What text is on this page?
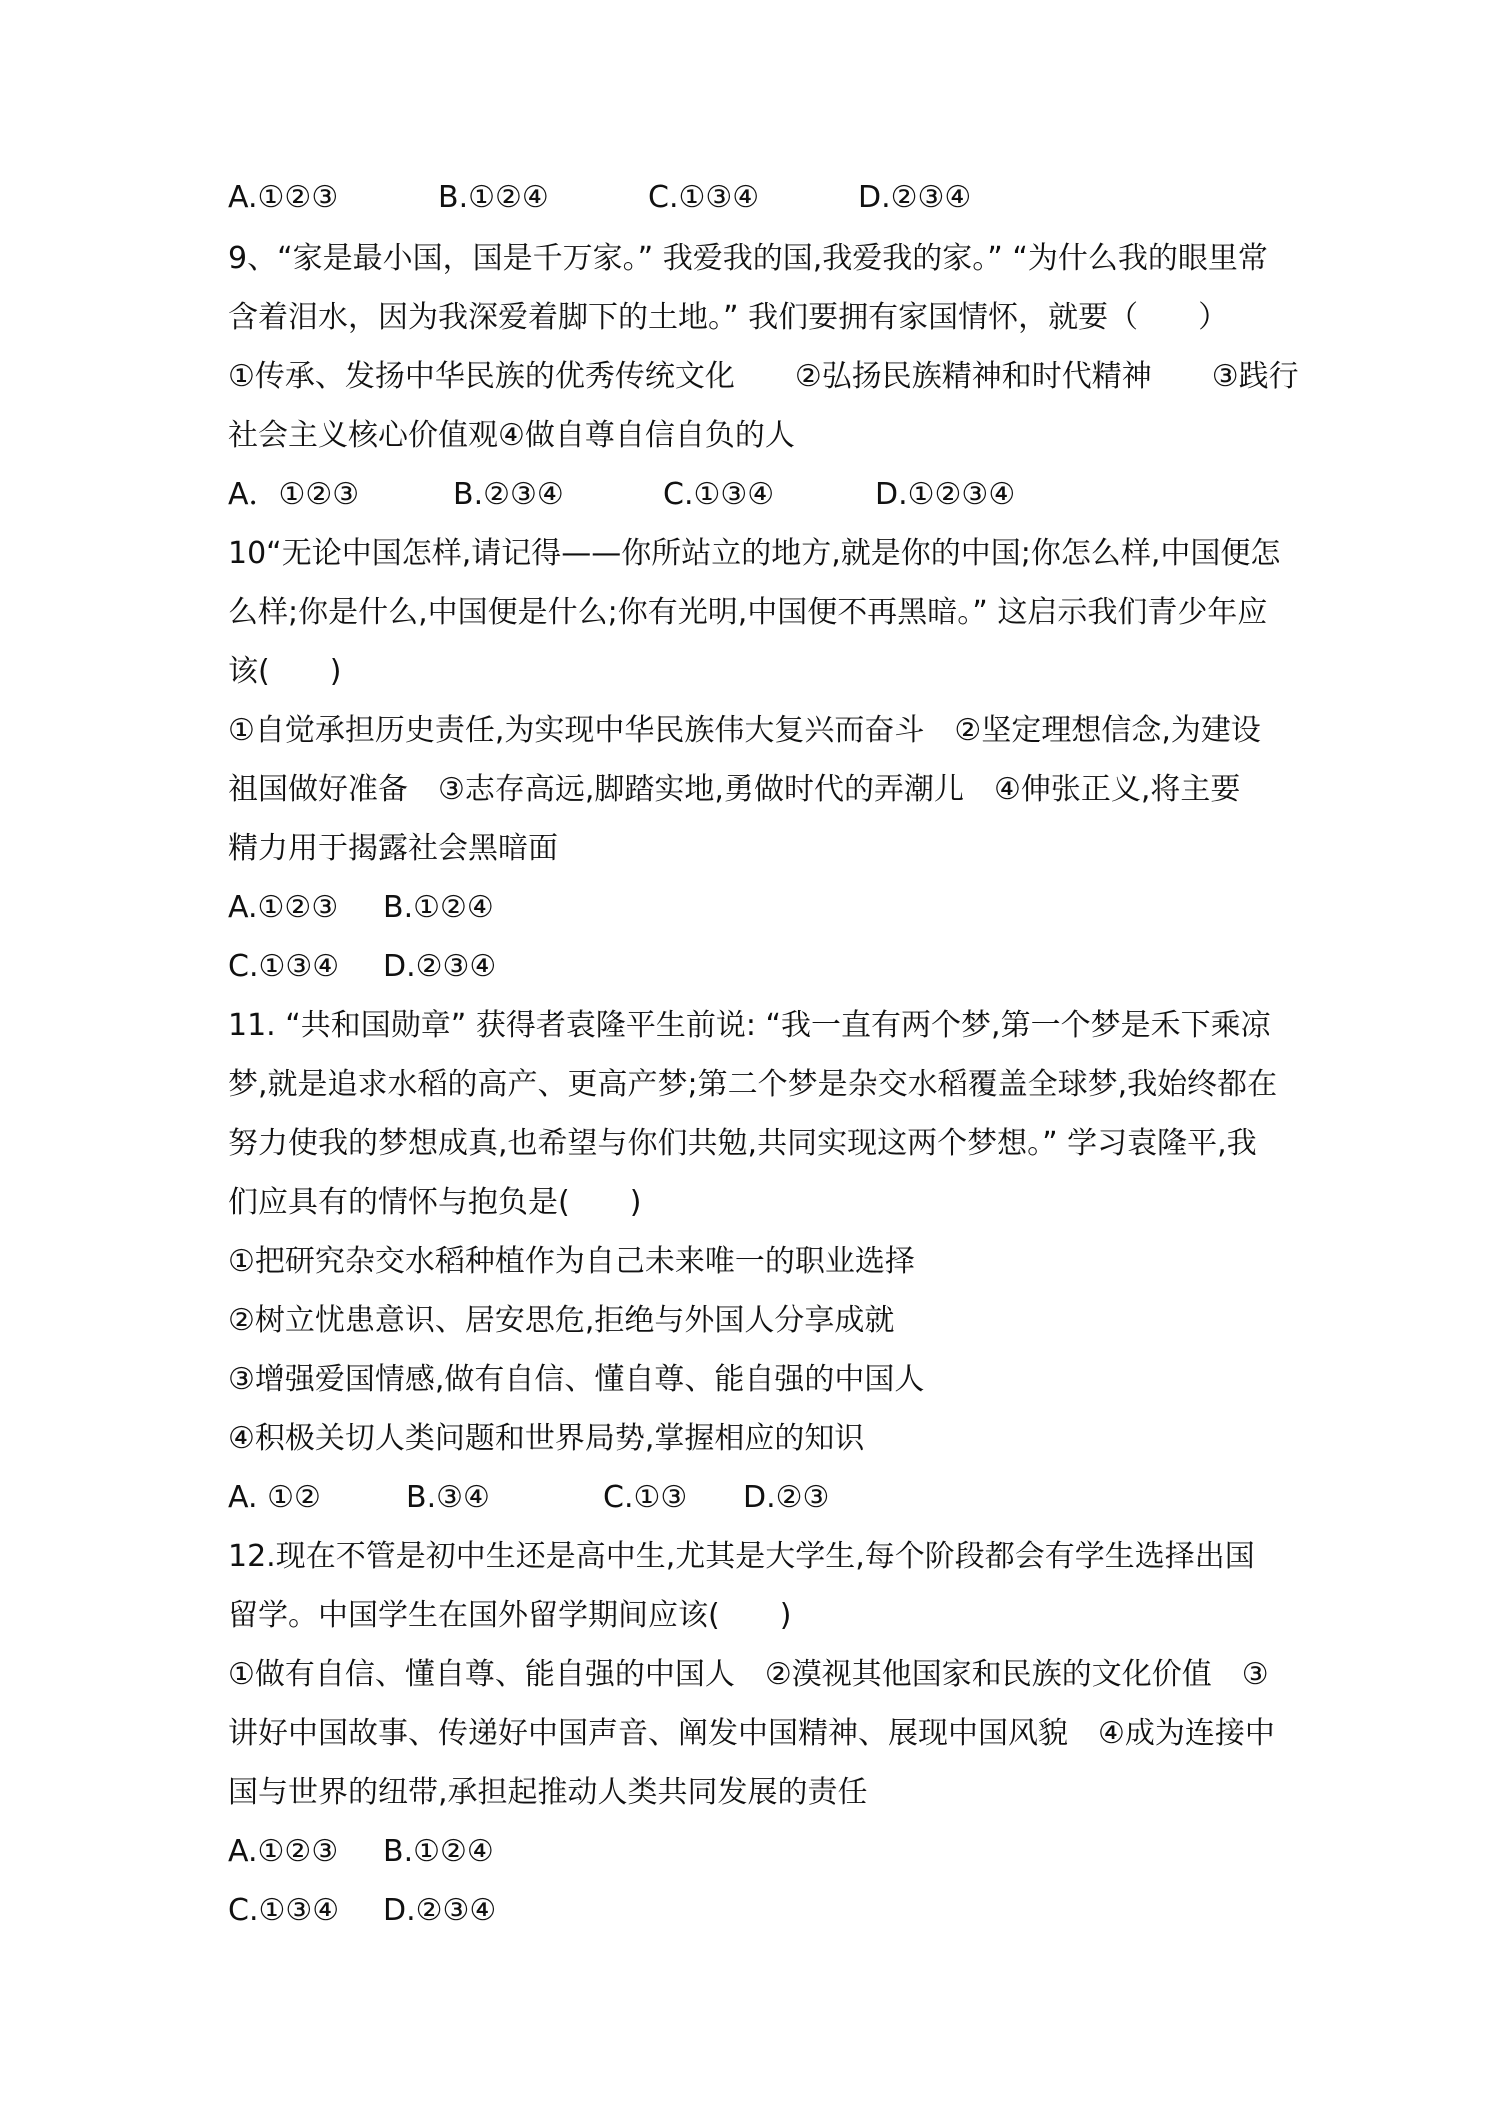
A.①②③	B.①②④	C.①③④	D.②③④

9、“家是最小国，国是千万家。” 我爱我的国,我爱我的家。” “为什么我的眼里常

含着泪水，因为我深爱着脚下的土地。” 我们要拥有家国情怀，就要（　　）

①传承、发扬中华民族的优秀传统文化　　②弘扬民族精神和时代精神　　③践行

社会主义核心价值观④做自尊自信自负的人

A．①②③	B.②③④	C.①③④	D.①②③④

10“无论中国怎样,请记得——你所站立的地方,就是你的中国;你怎么样,中国便怎

么样;你是什么,中国便是什么;你有光明,中国便不再黑暗。” 这启示我们青少年应

该(　　)

①自觉承担历史责任,为实现中华民族伟大复兴而奋斗　②坚定理想信念,为建设

祖国做好准备　③志存高远,脚踏实地,勇做时代的弄潮儿　④伸张正义,将主要

精力用于揭露社会黑暗面

A.①②③ B.①②④
C.①③④ D.②③④

11. “共和国勋章” 获得者袁隆平生前说: “我一直有两个梦,第一个梦是禾下乘凉

梦,就是追求水稻的高产、更高产梦;第二个梦是杂交水稻覆盖全球梦,我始终都在

努力使我的梦想成真,也希望与你们共勉,共同实现这两个梦想。” 学习袁隆平,我

们应具有的情怀与抱负是(　　)

①把研究杂交水稻种植作为自己未来唯一的职业选择

②树立忧患意识、居安思危,拒绝与外国人分享成就

③增强爱国情感,做有自信、懂自尊、能自强的中国人

④积极关切人类问题和世界局势,掌握相应的知识

A. ①②	B.③④	C.①③ D.②③

12.现在不管是初中生还是高中生,尤其是大学生,每个阶段都会有学生选择出国

留学。中国学生在国外留学期间应该(　　)

①做有自信、懂自尊、能自强的中国人　②漠视其他国家和民族的文化价值　③

讲好中国故事、传递好中国声音、阐发中国精神、展现中国风貌　④成为连接中

国与世界的纽带,承担起推动人类共同发展的责任

A.①②③ B.①②④
C.①③④ D.②③④
